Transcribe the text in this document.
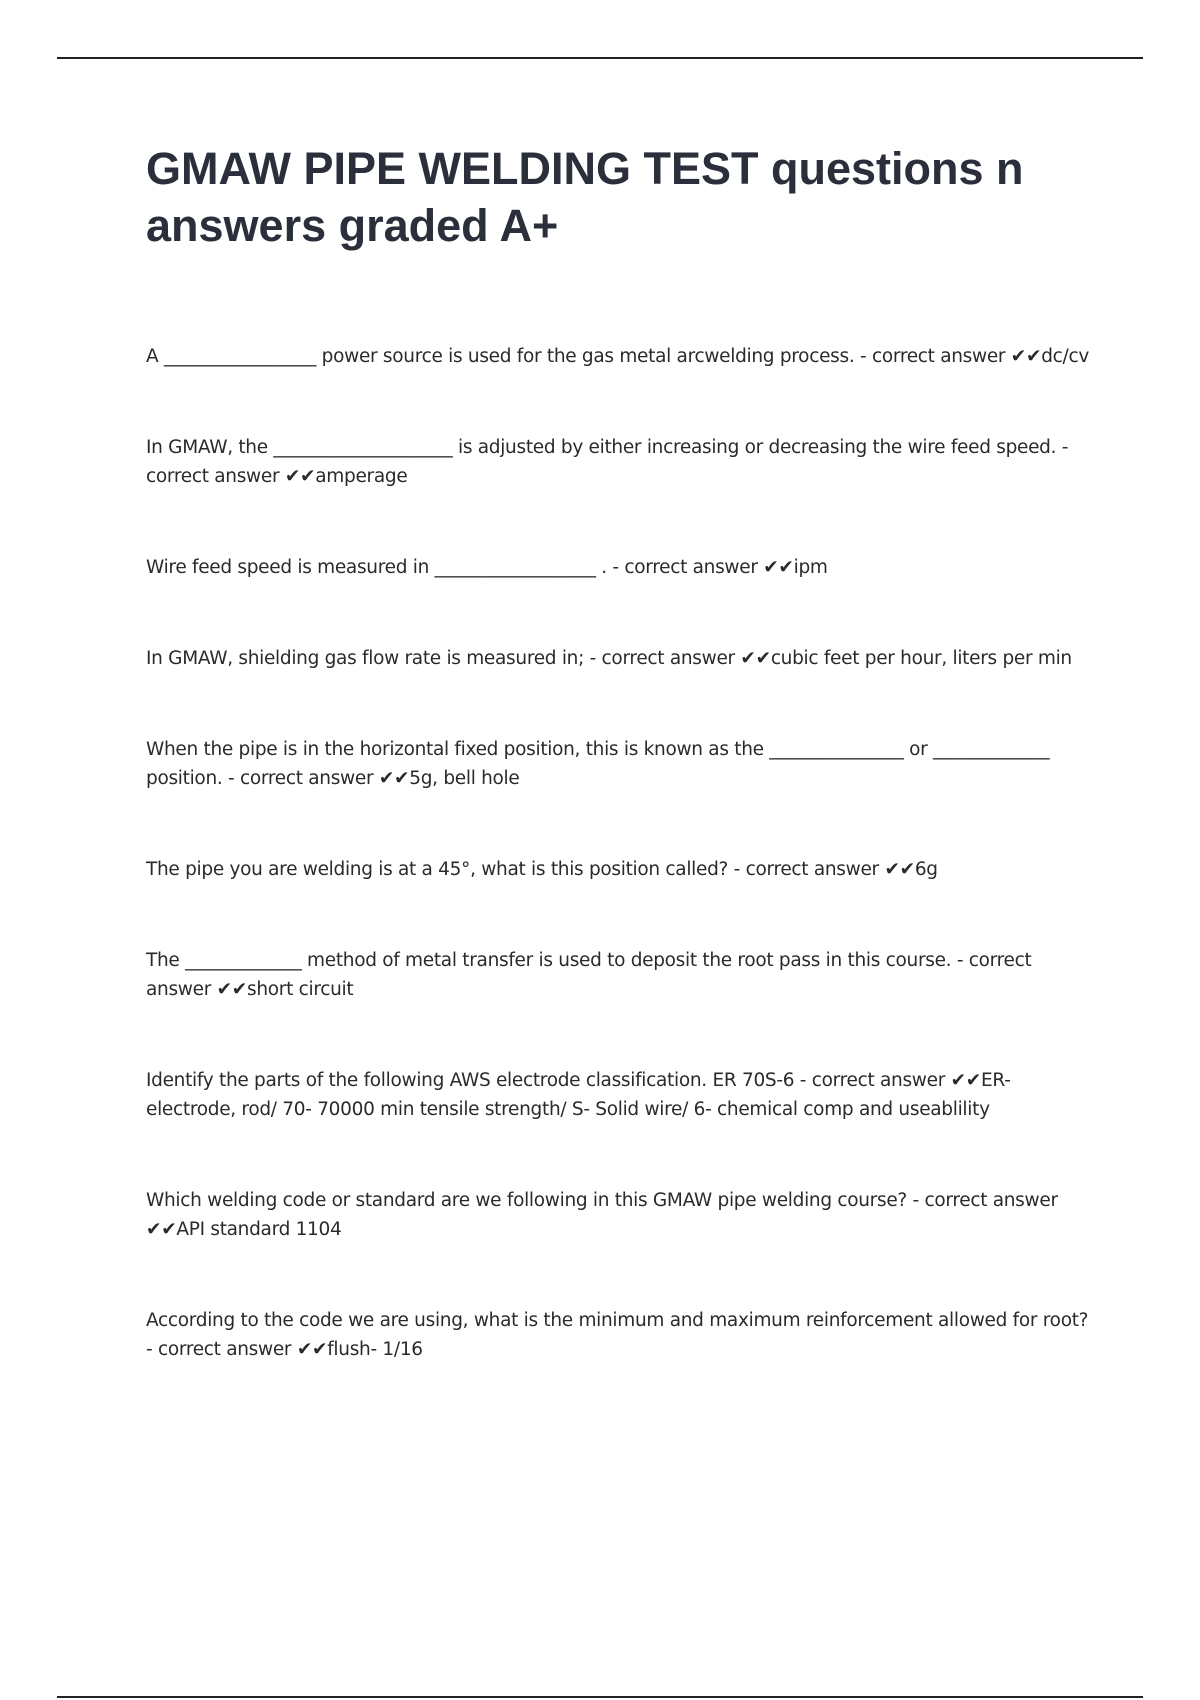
GMAW PIPE WELDING TEST questions n answers graded A+

A _________________ power source is used for the gas metal arcwelding process. - correct answer ✔✔dc/cv

In GMAW, the ____________________ is adjusted by either increasing or decreasing the wire feed speed. - correct answer ✔✔amperage

Wire feed speed is measured in __________________ . - correct answer ✔✔ipm

In GMAW, shielding gas flow rate is measured in; - correct answer ✔✔cubic feet per hour, liters per min

When the pipe is in the horizontal fixed position, this is known as the _______________ or _____________ position. - correct answer ✔✔5g, bell hole

The pipe you are welding is at a 45°, what is this position called? - correct answer ✔✔6g

The _____________ method of metal transfer is used to deposit the root pass in this course. - correct answer ✔✔short circuit

Identify the parts of the following AWS electrode classification. ER 70S-6 - correct answer ✔✔ER- electrode, rod/ 70- 70000 min tensile strength/ S- Solid wire/ 6- chemical comp and useablility

Which welding code or standard are we following in this GMAW pipe welding course? - correct answer ✔✔API standard 1104

According to the code we are using, what is the minimum and maximum reinforcement allowed for root? - correct answer ✔✔flush- 1/16
